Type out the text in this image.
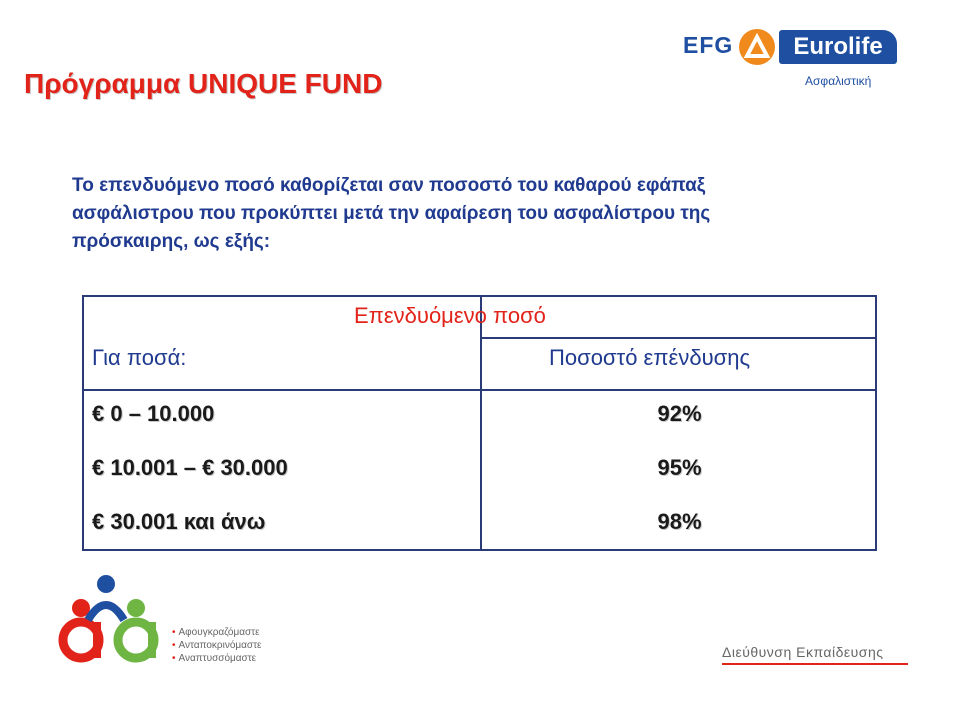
Πρόγραμμα UNIQUE FUND
EFG	Eurolife
Ασφαλιστική
Το επενδυόμενο ποσό καθορίζεται σαν ποσοστό του καθαρού εφάπαξ
ασφάλιστρου που προκύπτει μετά την αφαίρεση του ασφαλίστρου της
πρόσκαιρης, ως εξής:
Επενδυόμενο ποσό
Για ποσά:	Ποσοστό επένδυσης
€ 0 – 10.000	92%
€ 10.001 – € 30.000	95%
€ 30.001 και άνω	98%
• Αφουγκραζόμαστε
• Ανταποκρινόμαστε
• Αναπτυσσόμαστε	Διεύθυνση Εκπαίδευσης
